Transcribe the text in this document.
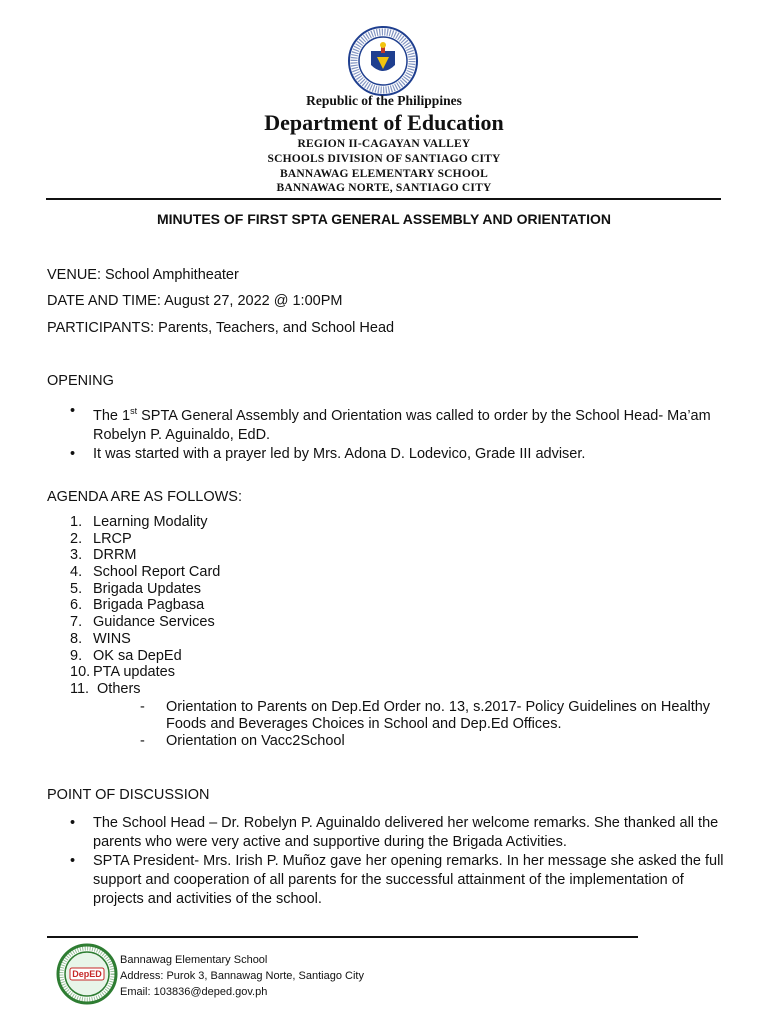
Republic of the Philippines
Department of Education
REGION II-CAGAYAN VALLEY
SCHOOLS DIVISION OF SANTIAGO CITY
BANNAWAG ELEMENTARY SCHOOL
BANNAWAG NORTE, SANTIAGO CITY
MINUTES OF FIRST SPTA GENERAL ASSEMBLY AND ORIENTATION
VENUE: School Amphitheater
DATE AND TIME: August 27, 2022 @ 1:00PM
PARTICIPANTS: Parents, Teachers, and School Head
OPENING
• The 1st SPTA General Assembly and Orientation was called to order by the School Head- Ma’am Robelyn P. Aguinaldo, EdD.
• It was started with a prayer led by Mrs. Adona D. Lodevico, Grade III adviser.
AGENDA ARE AS FOLLOWS:
1. Learning Modality
2. LRCP
3. DRRM
4. School Report Card
5. Brigada Updates
6. Brigada Pagbasa
7. Guidance Services
8. WINS
9. OK sa DepEd
10. PTA updates
11. Others
- Orientation to Parents on Dep.Ed Order no. 13, s.2017- Policy Guidelines on Healthy Foods and Beverages Choices in School and Dep.Ed Offices.
- Orientation on Vacc2School
POINT OF DISCUSSION
• The School Head – Dr. Robelyn P. Aguinaldo delivered her welcome remarks. She thanked all the parents who were very active and supportive during the Brigada Activities.
• SPTA President- Mrs. Irish P. Muñoz gave her opening remarks. In her message she asked the full support and cooperation of all parents for the successful attainment of the implementation of projects and activities of the school.
DepED
Bannawag Elementary School
Address: Purok 3, Bannawag Norte, Santiago City
Email: 103836@deped.gov.ph
